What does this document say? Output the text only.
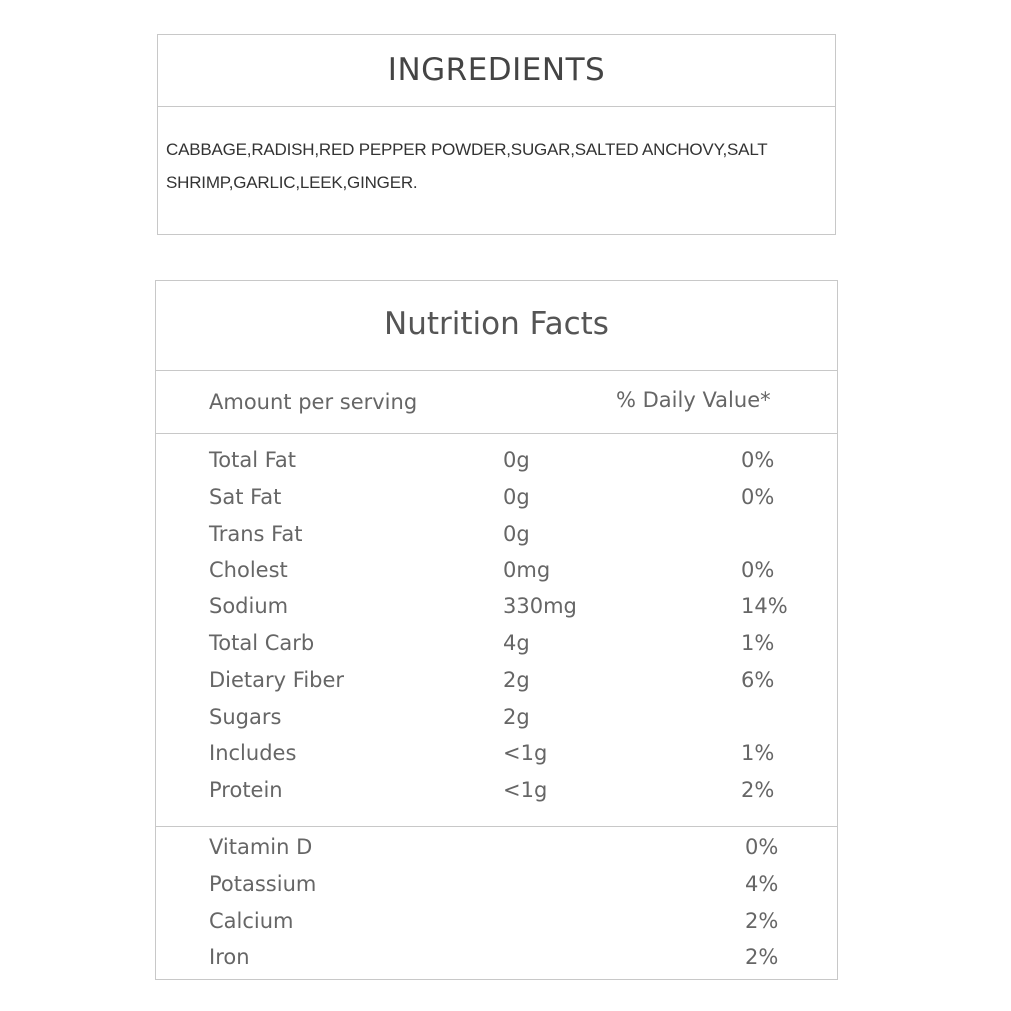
INGREDIENTS
CABBAGE,RADISH,RED PEPPER POWDER,SUGAR,SALTED ANCHOVY,SALT SHRIMP,GARLIC,LEEK,GINGER.
Nutrition Facts
Amount per serving	% Daily Value*
Total Fat	0g	0%
Sat Fat	0g	0%
Trans Fat	0g
Cholest	0mg	0%
Sodium	330mg	14%
Total Carb	4g	1%
Dietary Fiber	2g	6%
Sugars	2g
Includes	<1g	1%
Protein	<1g	2%
Vitamin D	0%
Potassium	4%
Calcium	2%
Iron	2%
